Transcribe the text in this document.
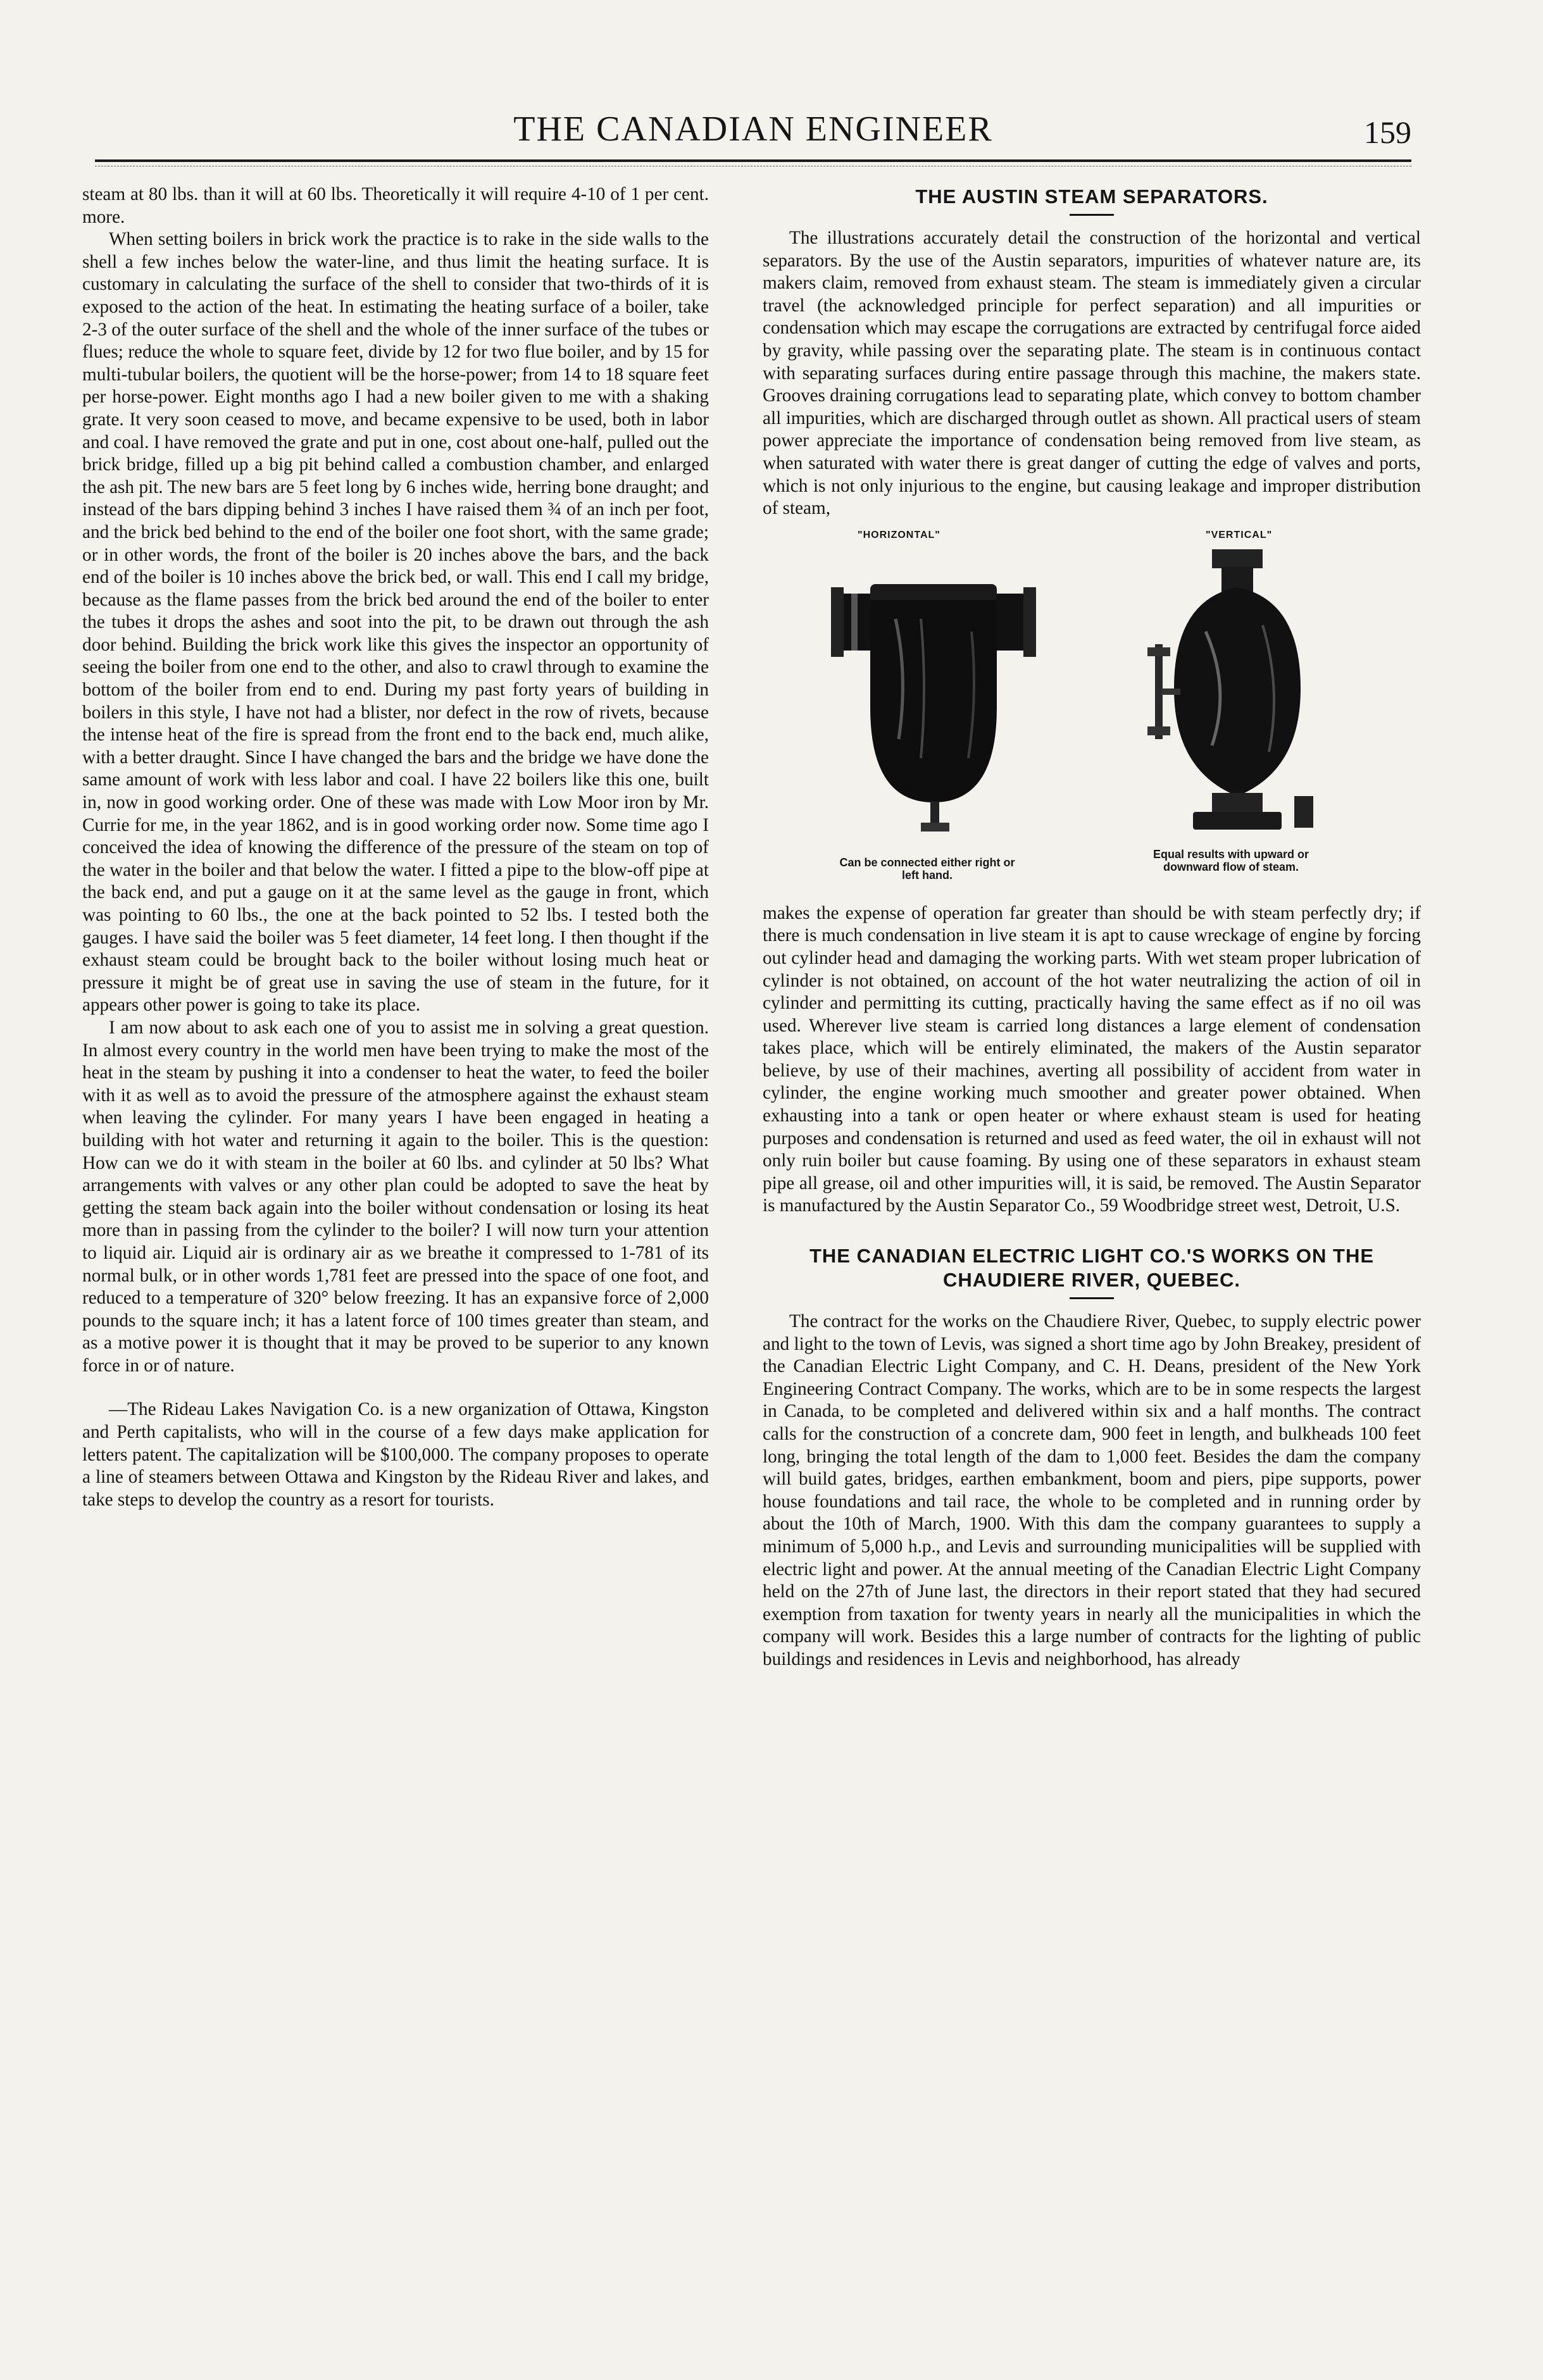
THE CANADIAN ENGINEER	159

steam at 80 lbs. than it will at 60 lbs. Theoretically it will require 4-10 of 1 per cent. more.

When setting boilers in brick work the practice is to rake in the side walls to the shell a few inches below the water-line, and thus limit the heating surface. It is customary in calculating the surface of the shell to consider that two-thirds of it is exposed to the action of the heat. In estimating the heating surface of a boiler, take 2-3 of the outer surface of the shell and the whole of the inner surface of the tubes or flues; reduce the whole to square feet, divide by 12 for two flue boiler, and by 15 for multi-tubular boilers, the quotient will be the horse-power; from 14 to 18 square feet per horse-power. Eight months ago I had a new boiler given to me with a shaking grate. It very soon ceased to move, and became expensive to be used, both in labor and coal. I have removed the grate and put in one, cost about one-half, pulled out the brick bridge, filled up a big pit behind called a combustion chamber, and enlarged the ash pit. The new bars are 5 feet long by 6 inches wide, herring bone draught; and instead of the bars dipping behind 3 inches I have raised them ¾ of an inch per foot, and the brick bed behind to the end of the boiler one foot short, with the same grade; or in other words, the front of the boiler is 20 inches above the bars, and the back end of the boiler is 10 inches above the brick bed, or wall. This end I call my bridge, because as the flame passes from the brick bed around the end of the boiler to enter the tubes it drops the ashes and soot into the pit, to be drawn out through the ash door behind. Building the brick work like this gives the inspector an opportunity of seeing the boiler from one end to the other, and also to crawl through to examine the bottom of the boiler from end to end. During my past forty years of building in boilers in this style, I have not had a blister, nor defect in the row of rivets, because the intense heat of the fire is spread from the front end to the back end, much alike, with a better draught. Since I have changed the bars and the bridge we have done the same amount of work with less labor and coal. I have 22 boilers like this one, built in, now in good working order. One of these was made with Low Moor iron by Mr. Currie for me, in the year 1862, and is in good working order now. Some time ago I conceived the idea of knowing the difference of the pressure of the steam on top of the water in the boiler and that below the water. I fitted a pipe to the blow-off pipe at the back end, and put a gauge on it at the same level as the gauge in front, which was pointing to 60 lbs., the one at the back pointed to 52 lbs. I tested both the gauges. I have said the boiler was 5 feet diameter, 14 feet long. I then thought if the exhaust steam could be brought back to the boiler without losing much heat or pressure it might be of great use in saving the use of steam in the future, for it appears other power is going to take its place.

I am now about to ask each one of you to assist me in solving a great question. In almost every country in the world men have been trying to make the most of the heat in the steam by pushing it into a condenser to heat the water, to feed the boiler with it as well as to avoid the pressure of the atmosphere against the exhaust steam when leaving the cylinder. For many years I have been engaged in heating a building with hot water and returning it again to the boiler. This is the question: How can we do it with steam in the boiler at 60 lbs. and cylinder at 50 lbs? What arrangements with valves or any other plan could be adopted to save the heat by getting the steam back again into the boiler without condensation or losing its heat more than in passing from the cylinder to the boiler? I will now turn your attention to liquid air. Liquid air is ordinary air as we breathe it compressed to 1-781 of its normal bulk, or in other words 1,781 feet are pressed into the space of one foot, and reduced to a temperature of 320° below freezing. It has an expansive force of 2,000 pounds to the square inch; it has a latent force of 100 times greater than steam, and as a motive power it is thought that it may be proved to be superior to any known force in or of nature.

—The Rideau Lakes Navigation Co. is a new organization of Ottawa, Kingston and Perth capitalists, who will in the course of a few days make application for letters patent. The capitalization will be $100,000. The company proposes to operate a line of steamers between Ottawa and Kingston by the Rideau River and lakes, and take steps to develop the country as a resort for tourists.

THE AUSTIN STEAM SEPARATORS.

The illustrations accurately detail the construction of the horizontal and vertical separators. By the use of the Austin separators, impurities of whatever nature are, its makers claim, removed from exhaust steam. The steam is immediately given a circular travel (the acknowledged principle for perfect separation) and all impurities or condensation which may escape the corrugations are extracted by centrifugal force aided by gravity, while passing over the separating plate. The steam is in continuous contact with separating surfaces during entire passage through this machine, the makers state. Grooves draining corrugations lead to separating plate, which convey to bottom chamber all impurities, which are discharged through outlet as shown. All practical users of steam power appreciate the importance of condensation being removed from live steam, as when saturated with water there is great danger of cutting the edge of valves and ports, which is not only injurious to the engine, but causing leakage and improper distribution of steam,

"HORIZONTAL"	"VERTICAL"
Can be connected either right or left hand.
Equal results with upward or downward flow of steam.

makes the expense of operation far greater than should be with steam perfectly dry; if there is much condensation in live steam it is apt to cause wreckage of engine by forcing out cylinder head and damaging the working parts. With wet steam proper lubrication of cylinder is not obtained, on account of the hot water neutralizing the action of oil in cylinder and permitting its cutting, practically having the same effect as if no oil was used. Wherever live steam is carried long distances a large element of condensation takes place, which will be entirely eliminated, the makers of the Austin separator believe, by use of their machines, averting all possibility of accident from water in cylinder, the engine working much smoother and greater power obtained. When exhausting into a tank or open heater or where exhaust steam is used for heating purposes and condensation is returned and used as feed water, the oil in exhaust will not only ruin boiler but cause foaming. By using one of these separators in exhaust steam pipe all grease, oil and other impurities will, it is said, be removed. The Austin Separator is manufactured by the Austin Separator Co., 59 Woodbridge street west, Detroit, U.S.

THE CANADIAN ELECTRIC LIGHT CO.'S WORKS ON THE CHAUDIERE RIVER, QUEBEC.

The contract for the works on the Chaudiere River, Quebec, to supply electric power and light to the town of Levis, was signed a short time ago by John Breakey, president of the Canadian Electric Light Company, and C. H. Deans, president of the New York Engineering Contract Company. The works, which are to be in some respects the largest in Canada, to be completed and delivered within six and a half months. The contract calls for the construction of a concrete dam, 900 feet in length, and bulkheads 100 feet long, bringing the total length of the dam to 1,000 feet. Besides the dam the company will build gates, bridges, earthen embankment, boom and piers, pipe supports, power house foundations and tail race, the whole to be completed and in running order by about the 10th of March, 1900. With this dam the company guarantees to supply a minimum of 5,000 h.p., and Levis and surrounding municipalities will be supplied with electric light and power. At the annual meeting of the Canadian Electric Light Company held on the 27th of June last, the directors in their report stated that they had secured exemption from taxation for twenty years in nearly all the municipalities in which the company will work. Besides this a large number of contracts for the lighting of public buildings and residences in Levis and neighborhood, has already
